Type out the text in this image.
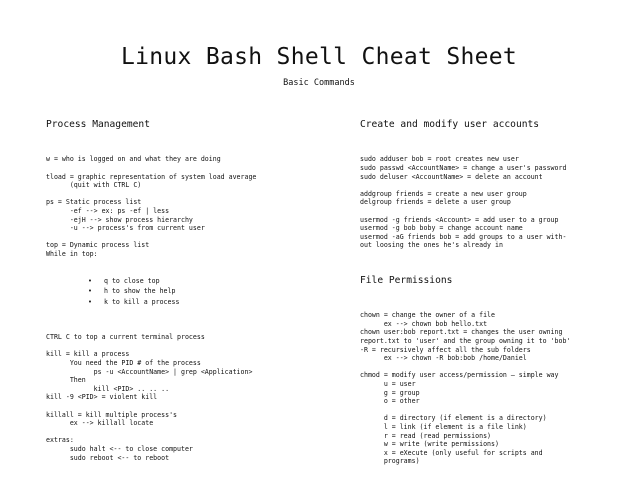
Linux Bash Shell Cheat Sheet
Basic Commands

Process Management

w = who is logged on and what they are doing
tload = graphic representation of system load average
(quit with CTRL C)
ps = Static process list
-ef --> ex: ps -ef | less
-ejH --> show process hierarchy
-u --> process's from current user
top = Dynamic process list
While in top:

• q to close top
• h to show the help
• k to kill a process

CTRL C to top a current terminal process
kill = kill a process
You need the PID # of the process
ps -u <AccountName> | grep <Application>
Then
kill <PID> .. .. ..
kill -9 <PID> = violent kill
killall = kill multiple process's
ex --> killall locate
extras:
sudo halt <-- to close computer
sudo reboot <-- to reboot

Create and modify user accounts

sudo adduser bob = root creates new user
sudo passwd <AccountName> = change a user's password
sudo deluser <AccountName> = delete an account
addgroup friends = create a new user group
delgroup friends = delete a user group
usermod -g friends <Account> = add user to a group
usermod -g bob boby = change account name
usermod -aG friends bob = add groups to a user with-
out loosing the ones he's already in

File Permissions

chown = change the owner of a file
ex --> chown bob hello.txt
chown user:bob report.txt = changes the user owning
report.txt to 'user' and the group owning it to 'bob'
-R = recursively affect all the sub folders
ex --> chown -R bob:bob /home/Daniel
chmod = modify user access/permission – simple way
u = user
g = group
o = other
d = directory (if element is a directory)
l = link (if element is a file link)
r = read (read permissions)
w = write (write permissions)
x = eXecute (only useful for scripts and
programs)
